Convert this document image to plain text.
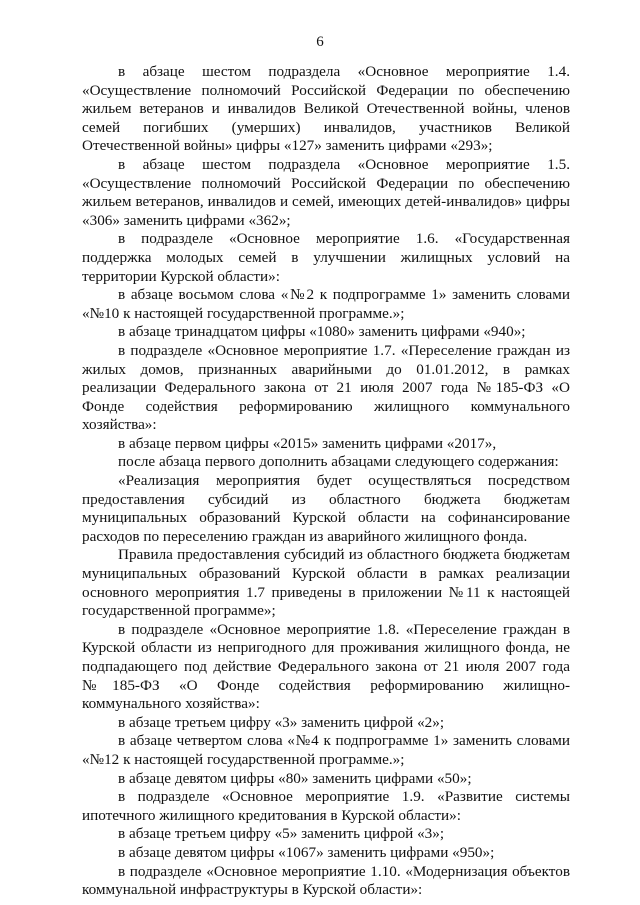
6

в абзаце шестом подраздела «Основное мероприятие 1.4. «Осуществление полномочий Российской Федерации по обеспечению жильем ветеранов и инвалидов Великой Отечественной войны, членов семей погибших (умерших) инвалидов, участников Великой Отечественной войны» цифры «127» заменить цифрами «293»;

в абзаце шестом подраздела «Основное мероприятие 1.5. «Осуществление полномочий Российской Федерации по обеспечению жильем ветеранов, инвалидов и семей, имеющих детей-инвалидов» цифры «306» заменить цифрами «362»;

в подразделе «Основное мероприятие 1.6. «Государственная поддержка молодых семей в улучшении жилищных условий на территории Курской области»:

в абзаце восьмом слова «№2 к подпрограмме 1» заменить словами «№10 к настоящей государственной программе.»;

в абзаце тринадцатом цифры «1080» заменить цифрами «940»;

в подразделе «Основное мероприятие 1.7. «Переселение граждан из жилых домов, признанных аварийными до 01.01.2012, в рамках реализации Федерального закона от 21 июля 2007 года №185-ФЗ «О Фонде содействия реформированию жилищного коммунального хозяйства»:

в абзаце первом цифры «2015» заменить цифрами «2017»,

после абзаца первого дополнить абзацами следующего содержания:

«Реализация мероприятия будет осуществляться посредством предоставления субсидий из областного бюджета бюджетам муниципальных образований Курской области на софинансирование расходов по переселению граждан из аварийного жилищного фонда.

Правила предоставления субсидий из областного бюджета бюджетам муниципальных образований Курской области в рамках реализации основного мероприятия 1.7 приведены в приложении №11 к настоящей государственной программе»;

в подразделе «Основное мероприятие 1.8. «Переселение граждан в Курской области из непригодного для проживания жилищного фонда, не подпадающего под действие Федерального закона от 21 июля 2007 года №185-ФЗ «О Фонде содействия реформированию жилищно-коммунального хозяйства»:

в абзаце третьем цифру «3» заменить цифрой «2»;

в абзаце четвертом слова «№4 к подпрограмме 1» заменить словами «№12 к настоящей государственной программе.»;

в абзаце девятом цифры «80» заменить цифрами «50»;

в подразделе «Основное мероприятие 1.9. «Развитие системы ипотечного жилищного кредитования в Курской области»:

в абзаце третьем цифру «5» заменить цифрой «3»;

в абзаце девятом цифры «1067» заменить цифрами «950»;

в подразделе «Основное мероприятие 1.10. «Модернизация объектов коммунальной инфраструктуры в Курской области»:
